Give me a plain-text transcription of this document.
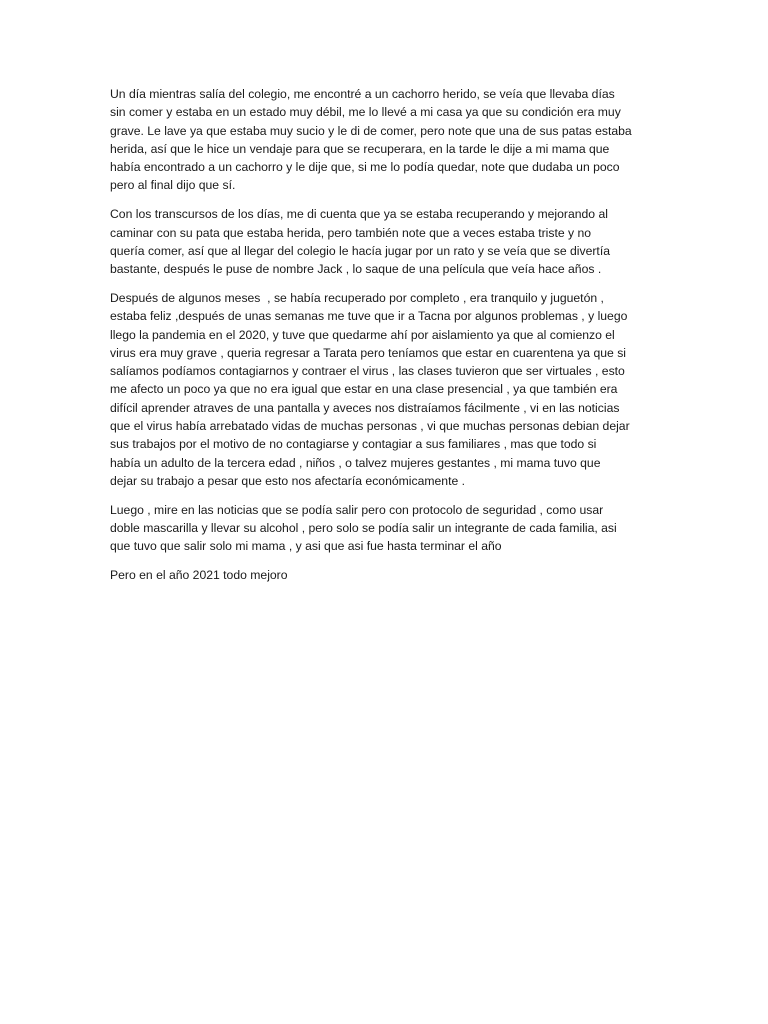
Un día mientras salía del colegio, me encontré a un cachorro herido, se veía que llevaba días
sin comer y estaba en un estado muy débil, me lo llevé a mi casa ya que su condición era muy
grave. Le lave ya que estaba muy sucio y le di de comer, pero note que una de sus patas estaba
herida, así que le hice un vendaje para que se recuperara, en la tarde le dije a mi mama que
había encontrado a un cachorro y le dije que, si me lo podía quedar, note que dudaba un poco
pero al final dijo que sí.

Con los transcursos de los días, me di cuenta que ya se estaba recuperando y mejorando al
caminar con su pata que estaba herida, pero también note que a veces estaba triste y no
quería comer, así que al llegar del colegio le hacía jugar por un rato y se veía que se divertía
bastante, después le puse de nombre Jack , lo saque de una película que veía hace años .

Después de algunos meses  , se había recuperado por completo , era tranquilo y juguetón ,
estaba feliz ,después de unas semanas me tuve que ir a Tacna por algunos problemas , y luego
llego la pandemia en el 2020, y tuve que quedarme ahí por aislamiento ya que al comienzo el
virus era muy grave , queria regresar a Tarata pero teníamos que estar en cuarentena ya que si
salíamos podíamos contagiarnos y contraer el virus , las clases tuvieron que ser virtuales , esto
me afecto un poco ya que no era igual que estar en una clase presencial , ya que también era
difícil aprender atraves de una pantalla y aveces nos distraíamos fácilmente , vi en las noticias
que el virus había arrebatado vidas de muchas personas , vi que muchas personas debian dejar
sus trabajos por el motivo de no contagiarse y contagiar a sus familiares , mas que todo si
había un adulto de la tercera edad , niños , o talvez mujeres gestantes , mi mama tuvo que
dejar su trabajo a pesar que esto nos afectaría económicamente .

Luego , mire en las noticias que se podía salir pero con protocolo de seguridad , como usar
doble mascarilla y llevar su alcohol , pero solo se podía salir un integrante de cada familia, asi
que tuvo que salir solo mi mama , y asi que asi fue hasta terminar el año

Pero en el año 2021 todo mejoro
